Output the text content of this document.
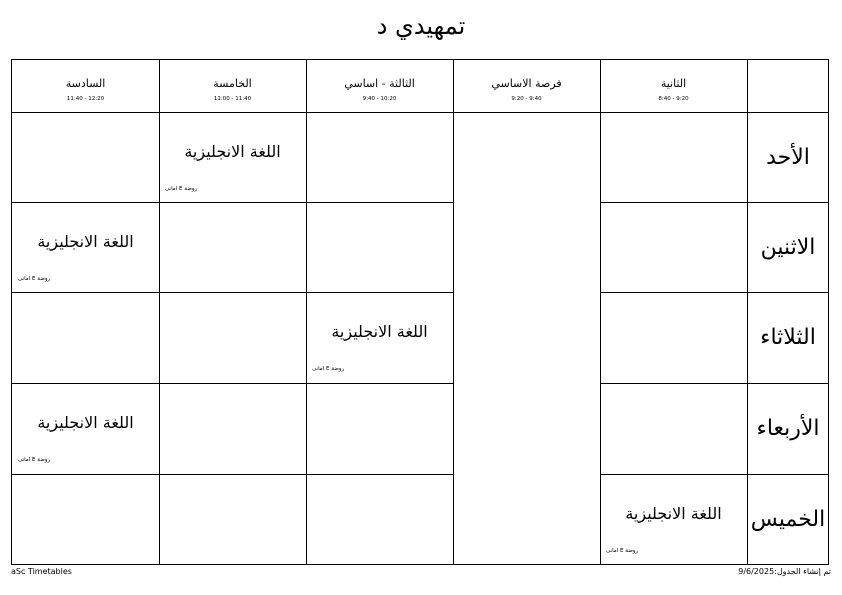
تمهيدي د
السادسة
11:40 - 12:20
الخامسة
11:00 - 11:40
الثالثة - اساسي
9:40 - 10:20
فرصة الاساسي
9:20 - 9:40
الثانية
8:40 - 9:20
الأحد
الاثنين
الثلاثاء
الأربعاء
الخميس
اللغة الانجليزية
روضة E امانى
اللغة الانجليزية
روضة E امانى
اللغة الانجليزية
روضة E امانى
اللغة الانجليزية
روضة E امانى
اللغة الانجليزية
روضة E امانى
aSc Timetables	تم إنشاء الجدول:9/6/2025
